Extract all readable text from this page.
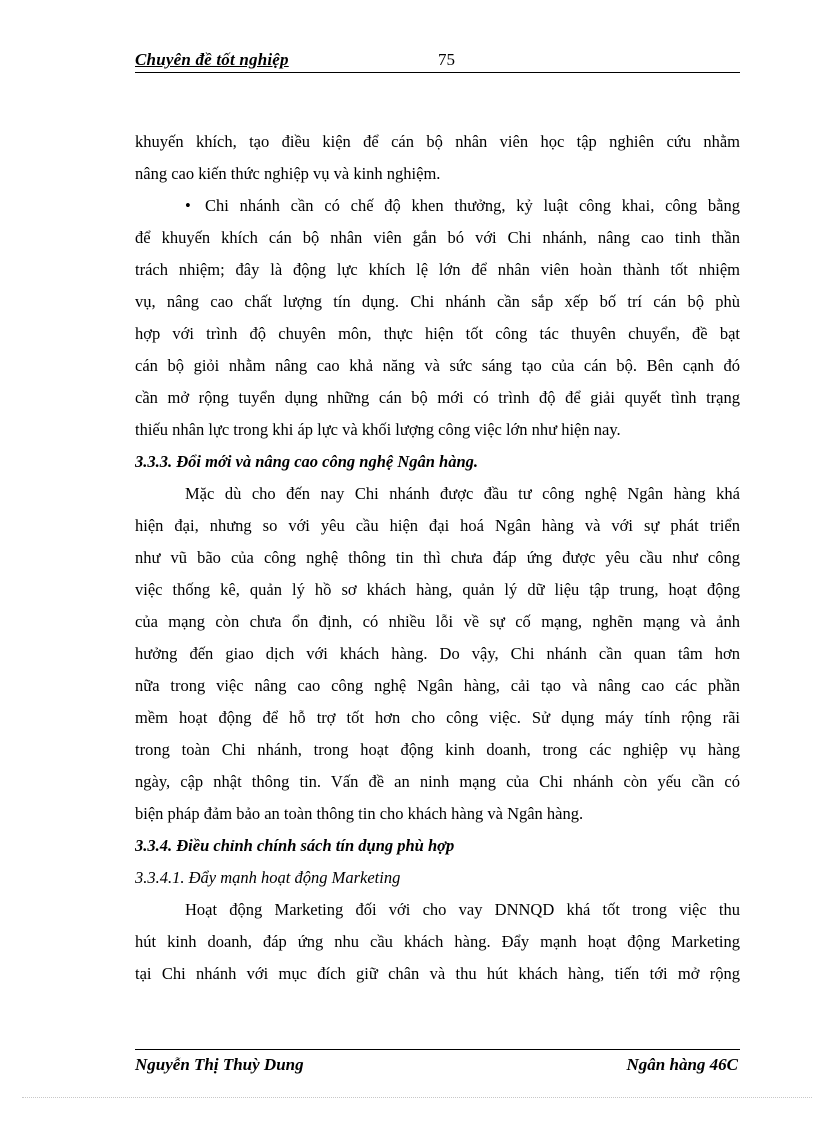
Chuyên đề tốt nghiệp	75
khuyến khích, tạo điều kiện để cán bộ nhân viên học tập nghiên cứu nhằm
nâng cao kiến thức nghiệp vụ và kinh nghiệm.
• Chi nhánh cần có chế độ khen thưởng, kỷ luật công khai, công bằng
để khuyến khích cán bộ nhân viên gắn bó với Chi nhánh, nâng cao tinh thần
trách nhiệm; đây là động lực khích lệ lớn để nhân viên hoàn thành tốt nhiệm
vụ, nâng cao chất lượng tín dụng. Chi nhánh cần sắp xếp bố trí cán bộ phù
hợp với trình độ chuyên môn, thực hiện tốt công tác thuyên chuyển, đề bạt
cán bộ giỏi nhằm nâng cao khả năng và sức sáng tạo của cán bộ. Bên cạnh đó
cần mở rộng tuyển dụng những cán bộ mới có trình độ để giải quyết tình trạng
thiếu nhân lực trong khi áp lực và khối lượng công việc lớn như hiện nay.
3.3.3. Đổi mới và nâng cao công nghệ Ngân hàng.
Mặc dù cho đến nay Chi nhánh được đầu tư công nghệ Ngân hàng khá
hiện đại, nhưng so với yêu cầu hiện đại hoá Ngân hàng và với sự phát triển
như vũ bão của công nghệ thông tin thì chưa đáp ứng được yêu cầu như công
việc thống kê, quản lý hồ sơ khách hàng, quản lý dữ liệu tập trung, hoạt động
của mạng còn chưa ổn định, có nhiều lỗi về sự cố mạng, nghẽn mạng và ảnh
hưởng đến giao dịch với khách hàng. Do vậy, Chi nhánh cần quan tâm hơn
nữa trong việc nâng cao công nghệ Ngân hàng, cải tạo và nâng cao các phần
mềm hoạt động để hỗ trợ tốt hơn cho công việc. Sử dụng máy tính rộng rãi
trong toàn Chi nhánh, trong hoạt động kinh doanh, trong các nghiệp vụ hàng
ngày, cập nhật thông tin. Vấn đề an ninh mạng của Chi nhánh còn yếu cần có
biện pháp đảm bảo an toàn thông tin cho khách hàng và Ngân hàng.
3.3.4. Điều chỉnh chính sách tín dụng phù hợp
3.3.4.1. Đẩy mạnh hoạt động Marketing
Hoạt động Marketing đối với cho vay DNNQD khá tốt trong việc thu
hút kinh doanh, đáp ứng nhu cầu khách hàng. Đẩy mạnh hoạt động Marketing
tại Chi nhánh với mục đích giữ chân và thu hút khách hàng, tiến tới mở rộng
Nguyễn Thị Thuỳ Dung	Ngân hàng 46C
